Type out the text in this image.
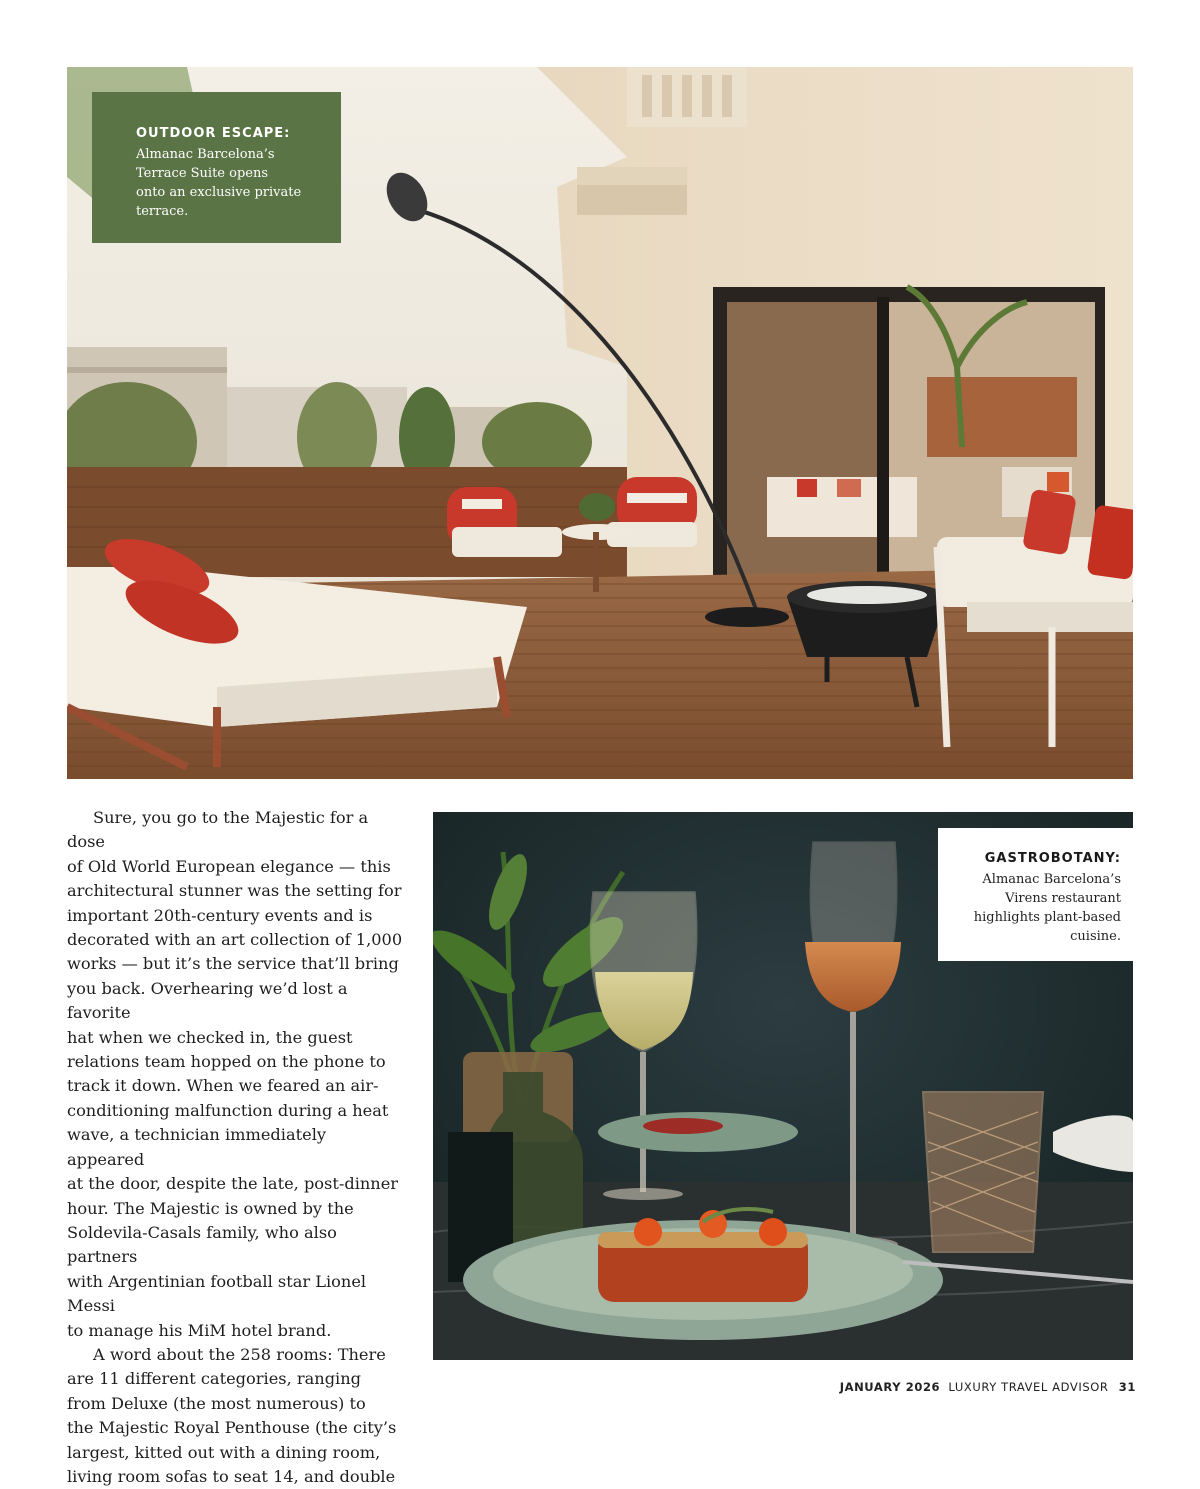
OUTDOOR ESCAPE:
Almanac Barcelona’s
Terrace Suite opens
onto an exclusive private
terrace.

Sure, you go to the Majestic for a dose
of Old World European elegance — this
architectural stunner was the setting for
important 20th-century events and is
decorated with an art collection of 1,000
works — but it’s the service that’ll bring
you back. Overhearing we’d lost a favorite
hat when we checked in, the guest
relations team hopped on the phone to
track it down. When we feared an air-
conditioning malfunction during a heat
wave, a technician immediately appeared
at the door, despite the late, post-dinner
hour. The Majestic is owned by the
Soldevila-Casals family, who also partners
with Argentinian football star Lionel Messi
to manage his MiM hotel brand.

A word about the 258 rooms: There
are 11 different categories, ranging
from Deluxe (the most numerous) to
the Majestic Royal Penthouse (the city’s
largest, kitted out with a dining room,
living room sofas to seat 14, and double

GASTROBOTANY:
Almanac Barcelona’s
Virens restaurant
highlights plant-based
cuisine.
JANUARY 2026 LUXURY TRAVEL ADVISOR 31
